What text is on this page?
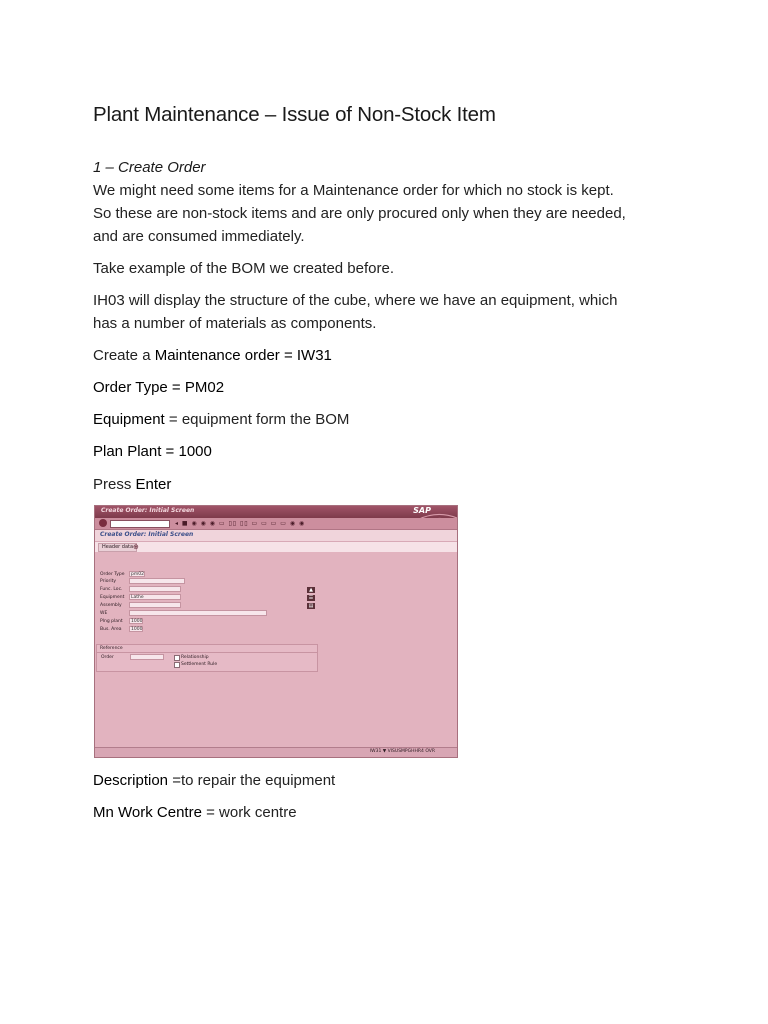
Plant Maintenance – Issue of Non-Stock Item
1 – Create Order
We might need some items for a Maintenance order for which no stock is kept.
So these are non-stock items and are only procured only when they are needed,
and are consumed immediately.
Take example of the BOM we created before.
IH03 will display the structure of the cube, where we have an equipment, which
has a number of materials as components.
Create a Maintenance order = IW31
Order Type = PM02
Equipment = equipment form the BOM
Plan Plant = 1000
Press Enter
Description =to repair the equipment
Mn Work Centre = work centre
Create Order: Initial Screen	SAP
◂ ■ ◉ ◉ ◉ ▭ ▯▯ ▯▯ ▭ ▭ ▭ ▭ ◉ ◉
Create Order: Initial Screen
Header data ⊕
Order Type	pm02
Priority
Func. Loc.
Equipment	Lathe
Assembly
WE
Plng plant	1000
Bus. Area	1000
▲
☰
▤
Reference
Order	Relationship
Settlement Rule
IW31 ▼ VISUSMPGHHR4 OVR
